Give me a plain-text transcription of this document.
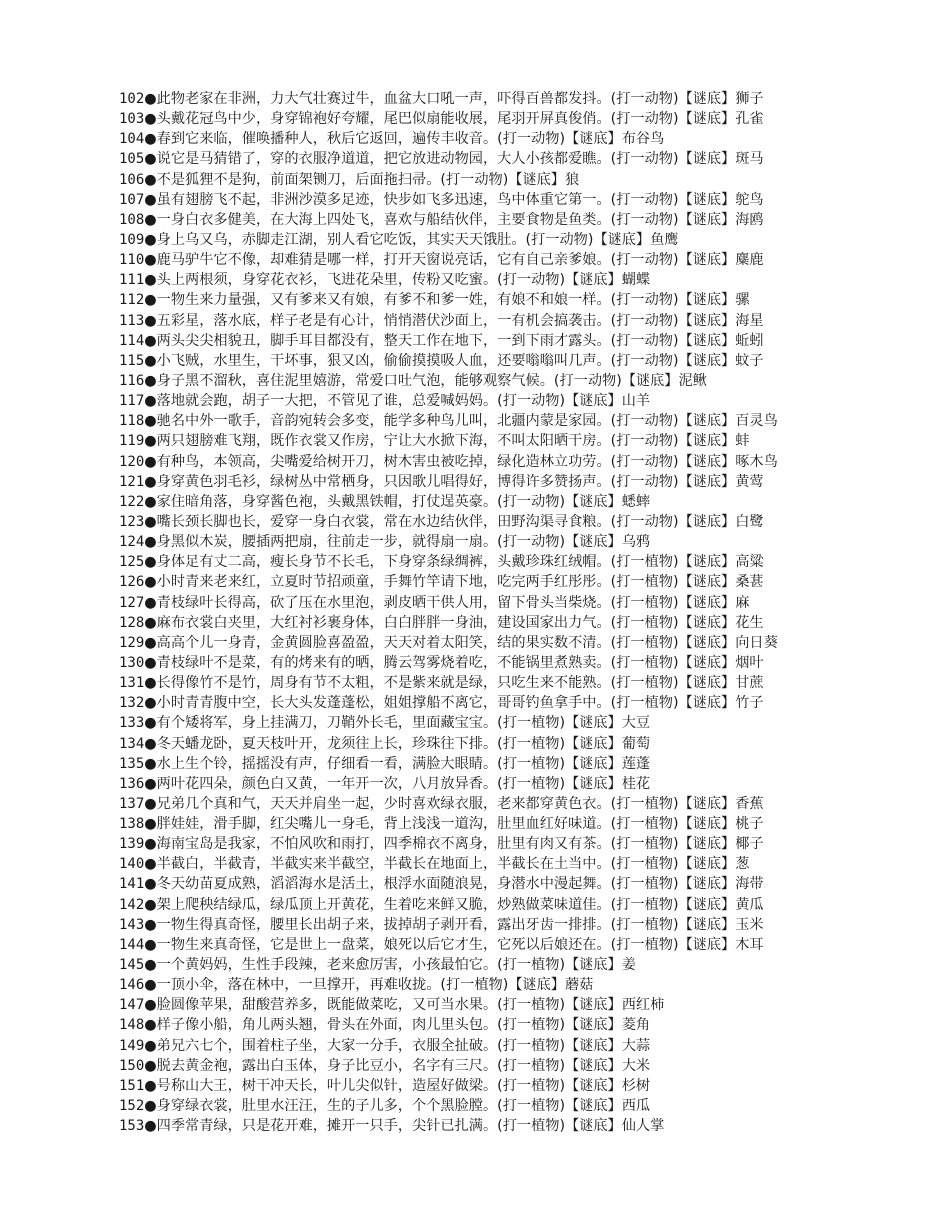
102●此物老家在非洲，力大气壮赛过牛，血盆大口吼一声，吓得百兽都发抖。(打一动物)【谜底】狮子
103●头戴花冠鸟中少，身穿锦袍好夸耀，尾巴似扇能收展，尾羽开屏真俊俏。(打一动物)【谜底】孔雀
104●春到它来临，催唤播种人，秋后它返回，遍传丰收音。(打一动物)【谜底】布谷鸟
105●说它是马猜错了，穿的衣服净道道，把它放进动物园，大人小孩都爱瞧。(打一动物)【谜底】斑马
106●不是狐狸不是狗，前面架铡刀，后面拖扫帚。(打一动物)【谜底】狼
107●虽有翅膀飞不起，非洲沙漠多足迹，快步如飞多迅速，鸟中体重它第一。(打一动物)【谜底】鸵鸟
108●一身白衣多健美，在大海上四处飞，喜欢与船结伙伴，主要食物是鱼类。(打一动物)【谜底】海鸥
109●身上乌又乌，赤脚走江湖，别人看它吃饭，其实天天饿肚。(打一动物)【谜底】鱼鹰
110●鹿马驴牛它不像，却难猜是哪一样，打开天窗说亮话，它有自己亲爹娘。(打一动物)【谜底】麋鹿
111●头上两根须，身穿花衣衫，飞进花朵里，传粉又吃蜜。(打一动物)【谜底】蝴蝶
112●一物生来力量强，又有爹来又有娘，有爹不和爹一姓，有娘不和娘一样。(打一动物)【谜底】骡
113●五彩星，落水底，样子老是有心计，悄悄潜伏沙面上，一有机会搞袭击。(打一动物)【谜底】海星
114●两头尖尖相貌丑，脚手耳目都没有，整天工作在地下，一到下雨才露头。(打一动物)【谜底】蚯蚓
115●小飞贼，水里生，干坏事，狠又凶，偷偷摸摸吸人血，还要嗡嗡叫几声。(打一动物)【谜底】蚊子
116●身子黑不溜秋，喜住泥里嬉游，常爱口吐气泡，能够观察气候。(打一动物)【谜底】泥鳅
117●落地就会跑，胡子一大把，不管见了谁，总爱喊妈妈。(打一动物)【谜底】山羊
118●驰名中外一歌手，音韵宛转会多变，能学多种鸟儿叫，北疆内蒙是家园。(打一动物)【谜底】百灵鸟
119●两只翅膀难飞翔，既作衣裳又作房，宁让大水掀下海，不叫太阳晒干房。(打一动物)【谜底】蚌
120●有种鸟，本领高，尖嘴爱给树开刀，树木害虫被吃掉，绿化造林立功劳。(打一动物)【谜底】啄木鸟
121●身穿黄色羽毛衫，绿树丛中常栖身，只因歌儿唱得好，博得许多赞扬声。(打一动物)【谜底】黄莺
122●家住暗角落，身穿酱色袍，头戴黑铁帽，打仗逞英豪。(打一动物)【谜底】蟋蟀
123●嘴长颈长脚也长，爱穿一身白衣裳，常在水边结伙伴，田野沟渠寻食粮。(打一动物)【谜底】白鹭
124●身黑似木炭，腰插两把扇，往前走一步，就得扇一扇。(打一动物)【谜底】乌鸦
125●身体足有丈二高，瘦长身节不长毛，下身穿条绿绸裤，头戴珍珠红绒帽。(打一植物)【谜底】高粱
126●小时青来老来红，立夏时节招顽童，手舞竹竿请下地，吃完两手红彤彤。(打一植物)【谜底】桑葚
127●青枝绿叶长得高，砍了压在水里泡，剥皮晒干供人用，留下骨头当柴烧。(打一植物)【谜底】麻
128●麻布衣裳白夹里，大红衬衫裹身体，白白胖胖一身油，建设国家出力气。(打一植物)【谜底】花生
129●高高个儿一身青，金黄圆脸喜盈盈，天天对着太阳笑，结的果实数不清。(打一植物)【谜底】向日葵
130●青枝绿叶不是菜，有的烤来有的晒，腾云驾雾烧着吃，不能锅里煮熟卖。(打一植物)【谜底】烟叶
131●长得像竹不是竹，周身有节不太粗，不是紫来就是绿，只吃生来不能熟。(打一植物)【谜底】甘蔗
132●小时青青腹中空，长大头发蓬蓬松，姐姐撑船不离它，哥哥钓鱼拿手中。(打一植物)【谜底】竹子
133●有个矮将军，身上挂满刀，刀鞘外长毛，里面藏宝宝。(打一植物)【谜底】大豆
134●冬天蟠龙卧，夏天枝叶开，龙须往上长，珍珠往下排。(打一植物)【谜底】葡萄
135●水上生个铃，摇摇没有声，仔细看一看，满脸大眼睛。(打一植物)【谜底】莲蓬
136●两叶花四朵，颜色白又黄，一年开一次，八月放异香。(打一植物)【谜底】桂花
137●兄弟几个真和气，天天并肩坐一起，少时喜欢绿衣服，老来都穿黄色衣。(打一植物)【谜底】香蕉
138●胖娃娃，滑手脚，红尖嘴儿一身毛，背上浅浅一道沟，肚里血红好味道。(打一植物)【谜底】桃子
139●海南宝岛是我家，不怕风吹和雨打，四季棉衣不离身，肚里有肉又有茶。(打一植物)【谜底】椰子
140●半截白，半截青，半截实来半截空，半截长在地面上，半截长在土当中。(打一植物)【谜底】葱
141●冬天幼苗夏成熟，滔滔海水是活土，根浮水面随浪晃，身潜水中漫起舞。(打一植物)【谜底】海带
142●架上爬秧结绿瓜，绿瓜顶上开黄花，生着吃来鲜又脆，炒熟做菜味道佳。(打一植物)【谜底】黄瓜
143●一物生得真奇怪，腰里长出胡子来，拔掉胡子剥开看，露出牙齿一排排。(打一植物)【谜底】玉米
144●一物生来真奇怪，它是世上一盘菜，娘死以后它才生，它死以后娘还在。(打一植物)【谜底】木耳
145●一个黄妈妈，生性手段辣，老来愈厉害，小孩最怕它。(打一植物)【谜底】姜
146●一顶小伞，落在林中，一旦撑开，再难收拢。(打一植物)【谜底】蘑菇
147●脸圆像苹果，甜酸营养多，既能做菜吃，又可当水果。(打一植物)【谜底】西红柿
148●样子像小船，角儿两头翘，骨头在外面，肉儿里头包。(打一植物)【谜底】菱角
149●弟兄六七个，围着柱子坐，大家一分手，衣服全扯破。(打一植物)【谜底】大蒜
150●脱去黄金袍，露出白玉体，身子比豆小，名字有三尺。(打一植物)【谜底】大米
151●号称山大王，树干冲天长，叶儿尖似针，造屋好做梁。(打一植物)【谜底】杉树
152●身穿绿衣裳，肚里水汪汪，生的子儿多，个个黑脸膛。(打一植物)【谜底】西瓜
153●四季常青绿，只是花开难，摊开一只手，尖针已扎满。(打一植物)【谜底】仙人掌
